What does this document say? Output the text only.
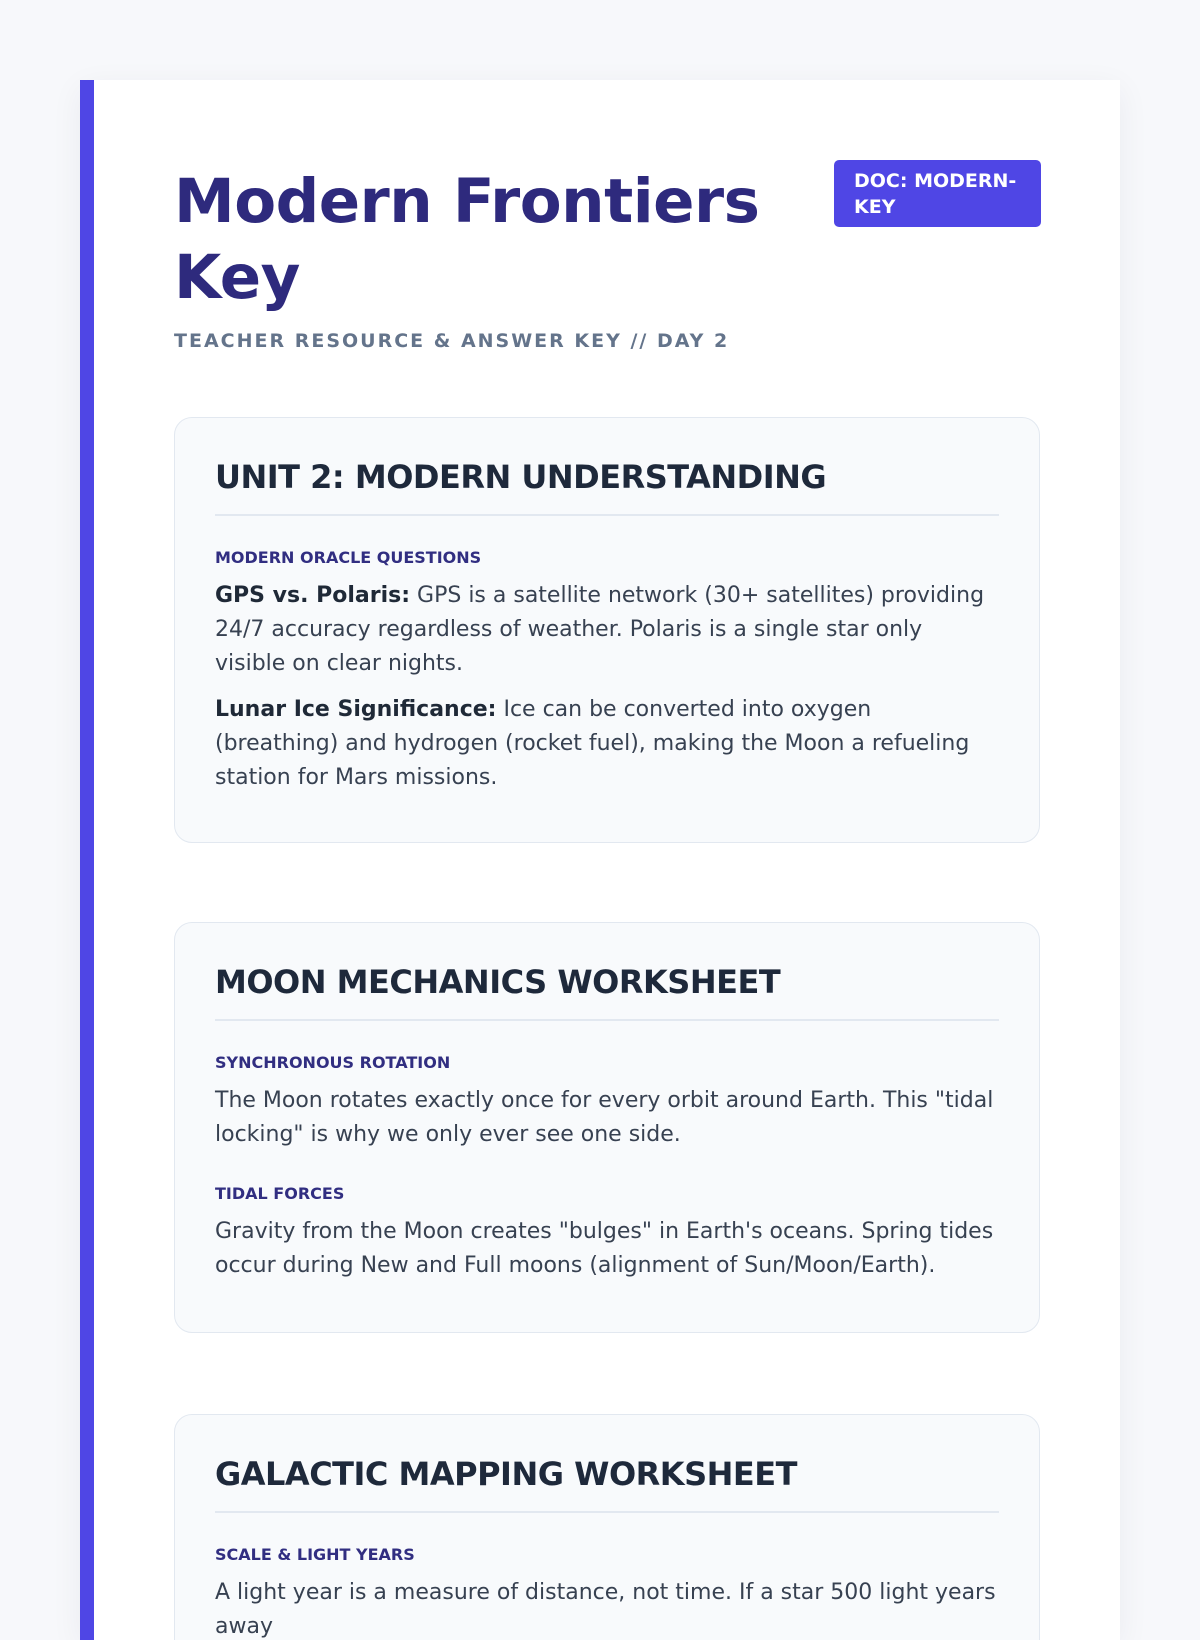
Modern Frontiers Key
TEACHER RESOURCE & ANSWER KEY // DAY 2
DOC: MODERN-KEY
UNIT 2: MODERN UNDERSTANDING
MODERN ORACLE QUESTIONS

GPS vs. Polaris: GPS is a satellite network (30+ satellites) providing 24/7 accuracy regardless of weather. Polaris is a single star only visible on clear nights.

Lunar Ice Significance: Ice can be converted into oxygen (breathing) and hydrogen (rocket fuel), making the Moon a refueling station for Mars missions.

MOON MECHANICS WORKSHEET
SYNCHRONOUS ROTATION

The Moon rotates exactly once for every orbit around Earth. This "tidal locking" is why we only ever see one side.

TIDAL FORCES

Gravity from the Moon creates "bulges" in Earth's oceans. Spring tides occur during New and Full moons (alignment of Sun/Moon/Earth).

GALACTIC MAPPING WORKSHEET
SCALE & LIGHT YEARS

A light year is a measure of distance, not time. If a star 500 light years away
